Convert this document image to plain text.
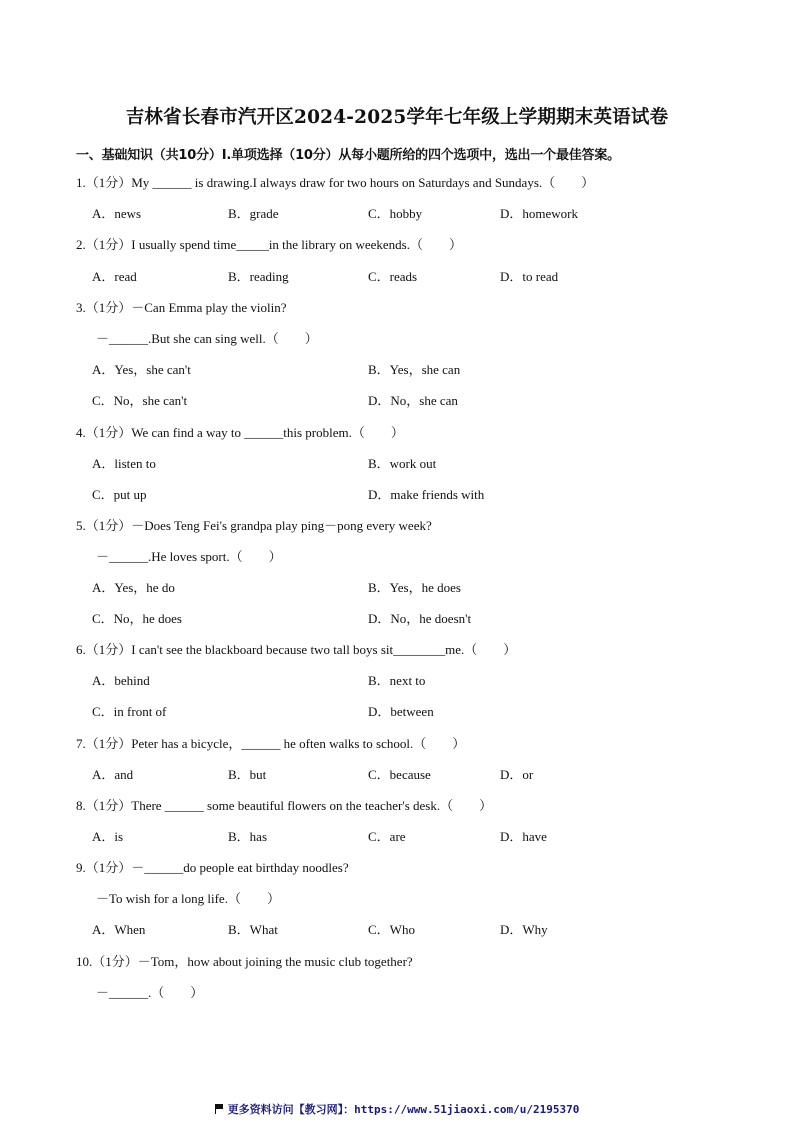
吉林省长春市汽开区2024-2025学年七年级上学期期末英语试卷
一、基础知识（共10分）Ⅰ.单项选择（10分）从每小题所给的四个选项中，选出一个最佳答案。
1.（1分）My ______ is drawing.I always draw for two hours on Saturdays and Sundays.（　　）
A．news	B．grade	C．hobby	D．homework
2.（1分）I usually spend time_____in the library on weekends.（　　）
A．read	B．reading	C．reads	D．to read
3.（1分）－Can Emma play the violin?
－______.But she can sing well.（　　）
A．Yes，she can't	B．Yes，she can
C．No，she can't	D．No，she can
4.（1分）We can find a way to ______this problem.（　　）
A．listen to	B．work out
C．put up	D．make friends with
5.（1分）－Does Teng Fei's grandpa play ping－pong every week?
－______.He loves sport.（　　）
A．Yes，he do	B．Yes，he does
C．No，he does	D．No，he doesn't
6.（1分）I can't see the blackboard because two tall boys sit________me.（　　）
A．behind	B．next to
C．in front of	D．between
7.（1分）Peter has a bicycle，______ he often walks to school.（　　）
A．and	B．but	C．because	D．or
8.（1分）There ______ some beautiful flowers on the teacher's desk.（　　）
A．is	B．has	C．are	D．have
9.（1分）－______do people eat birthday noodles?
－To wish for a long life.（　　）
A．When	B．What	C．Who	D．Why
10.（1分）－Tom，how about joining the music club together?
－______.（　　）
更多资料访问【教习网】：https://www.51jiaoxi.com/u/2195370
